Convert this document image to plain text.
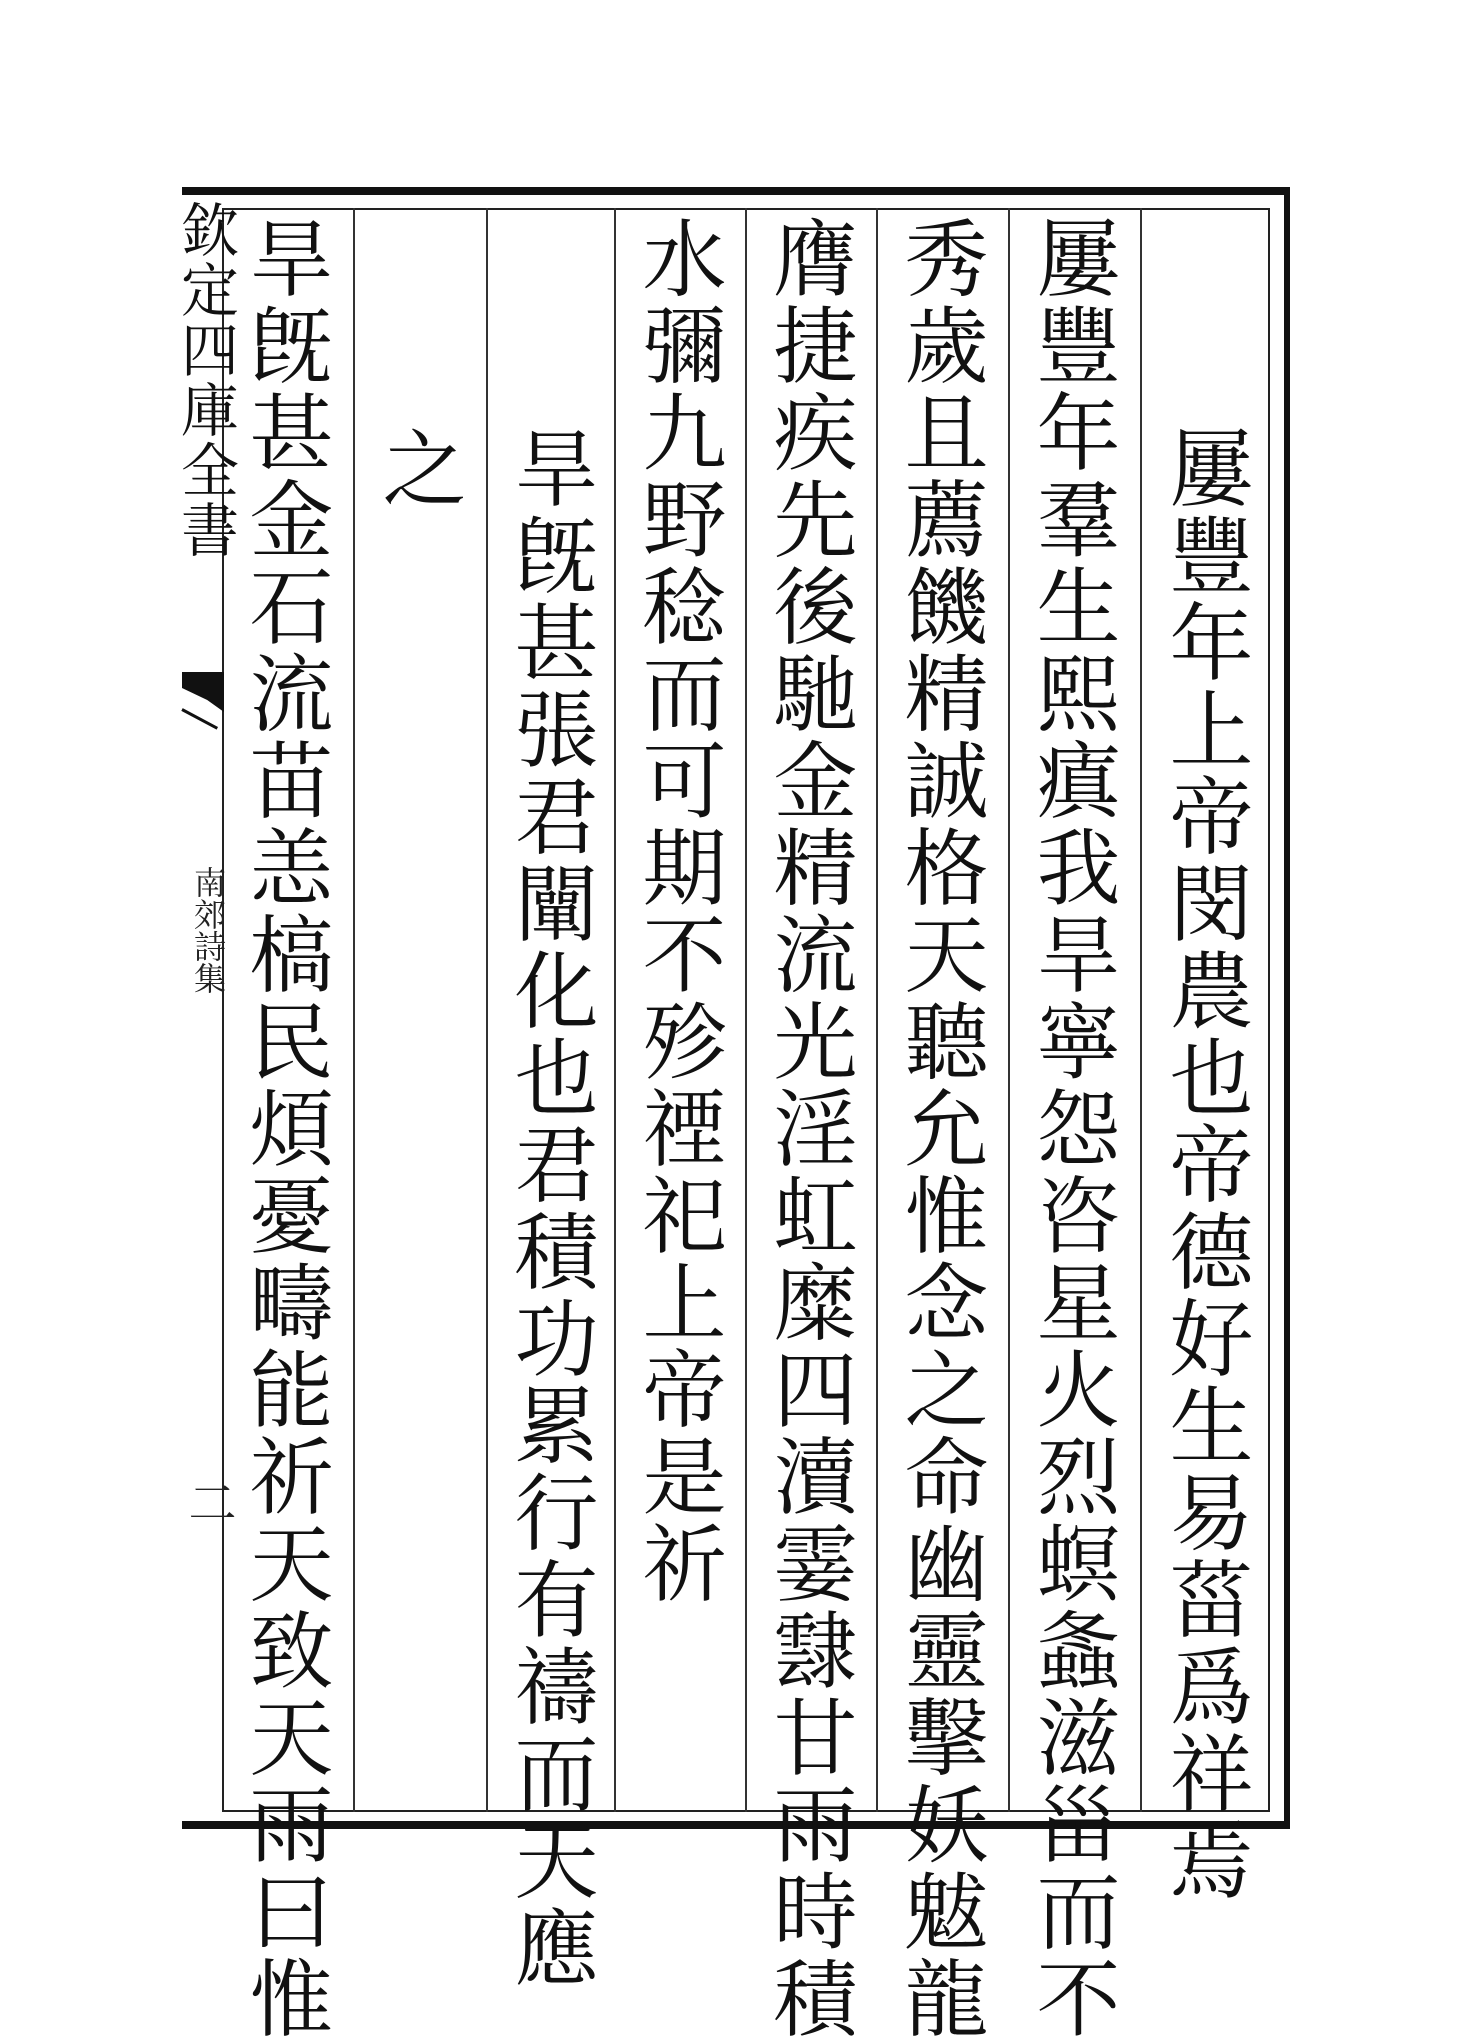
欽定四庫全書
南郊詩集
二	屢豐年上帝閔農也帝德好生易菑爲祥焉
屢豐年羣生熙瘨我旱寧怨咨星火烈螟螽滋甾而不
秀歲且薦饑精誠格天聽允惟念之命幽靈擊妖魃龍
膺捷疾先後馳金精流光淫虹糜四瀆霎霴甘雨時積
水彌九野稔而可期不殄禋祀上帝是祈
旱旣甚張君闡化也君積功累行有禱而天應
之
旱旣甚金石流苗恙槁民煩憂疇能祈天致天雨曰惟
